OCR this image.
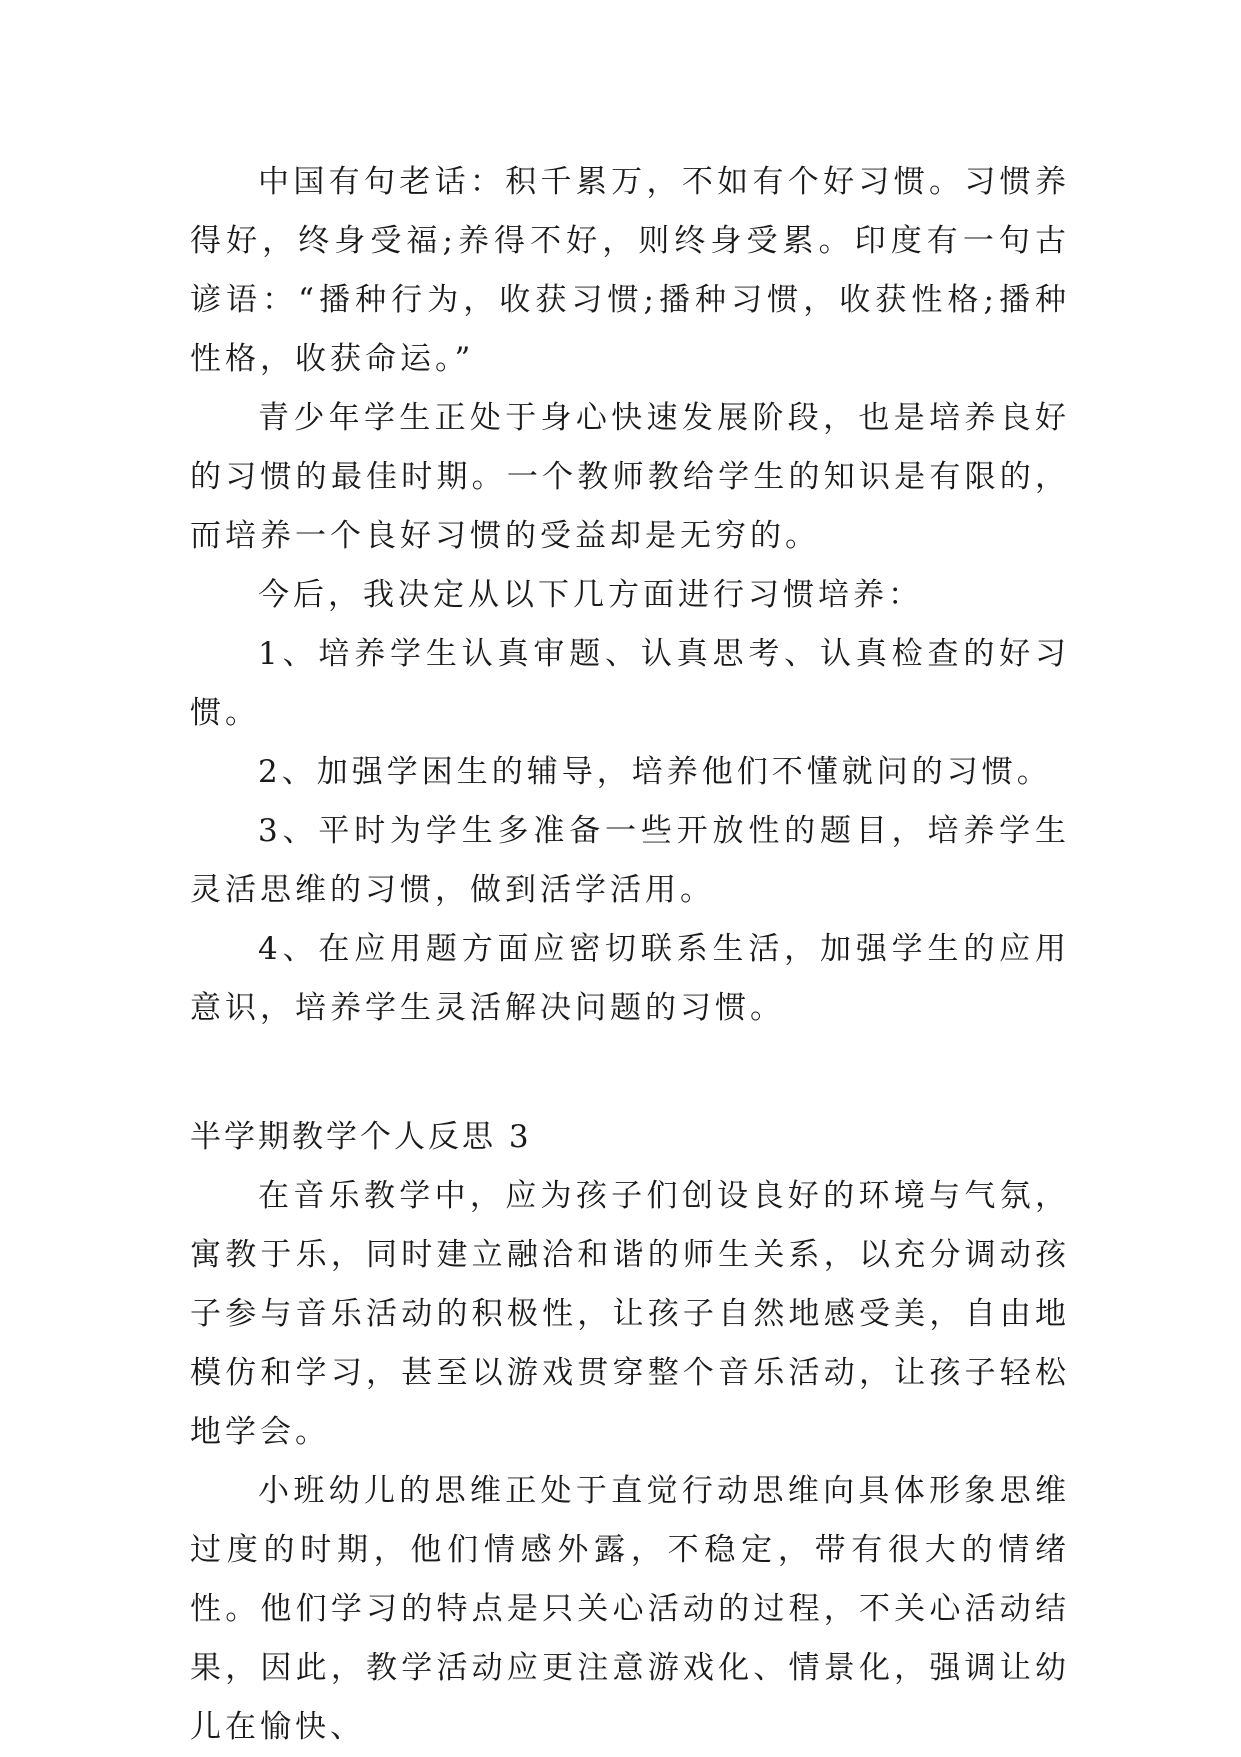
中国有句老话：积千累万，不如有个好习惯。习惯养得好，终身受福;养得不好，则终身受累。印度有一句古谚语：“播种行为，收获习惯;播种习惯，收获性格;播种性格，收获命运。”

青少年学生正处于身心快速发展阶段，也是培养良好的习惯的最佳时期。一个教师教给学生的知识是有限的，而培养一个良好习惯的受益却是无穷的。

今后，我决定从以下几方面进行习惯培养：

1、培养学生认真审题、认真思考、认真检查的好习惯。

2、加强学困生的辅导，培养他们不懂就问的习惯。

3、平时为学生多准备一些开放性的题目，培养学生灵活思维的习惯，做到活学活用。

4、在应用题方面应密切联系生活，加强学生的应用意识，培养学生灵活解决问题的习惯。

半学期教学个人反思 3

在音乐教学中，应为孩子们创设良好的环境与气氛，寓教于乐，同时建立融洽和谐的师生关系，以充分调动孩子参与音乐活动的积极性，让孩子自然地感受美，自由地模仿和学习，甚至以游戏贯穿整个音乐活动，让孩子轻松地学会。

小班幼儿的思维正处于直觉行动思维向具体形象思维过度的时期，他们情感外露，不稳定，带有很大的情绪性。他们学习的特点是只关心活动的过程，不关心活动结果，因此，教学活动应更注意游戏化、情景化，强调让幼儿在愉快、
